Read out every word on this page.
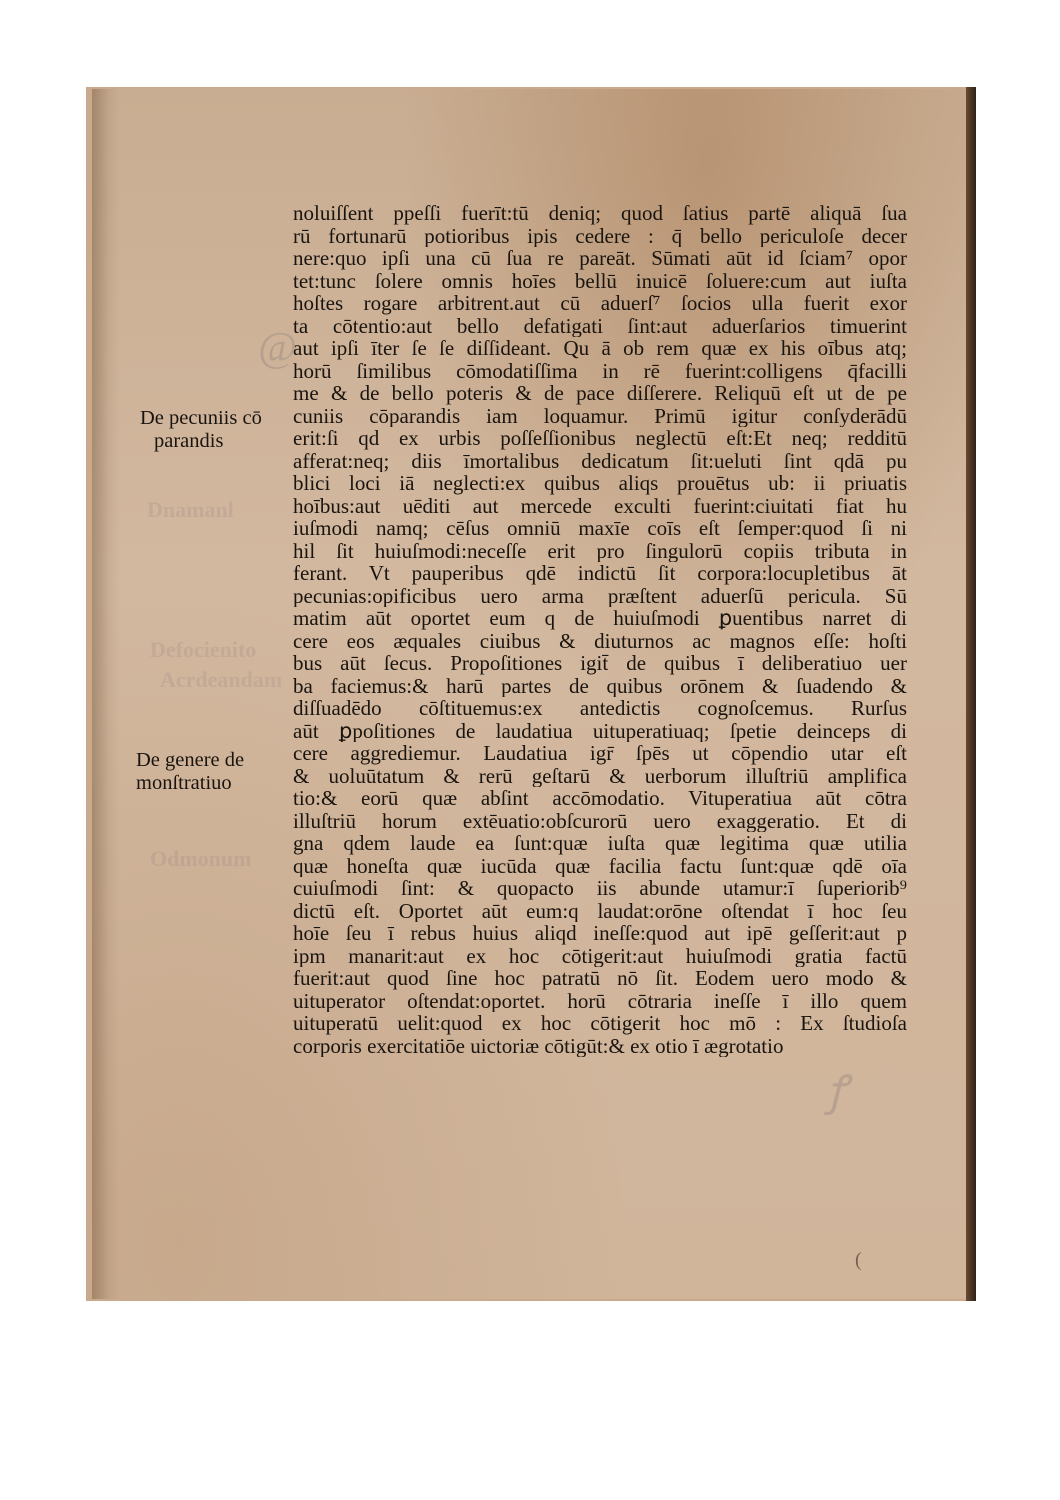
Dnamanl
Defocienito
Acrdeandam
Odmonum
@
ꝭ
(
De pecuniis cō
parandis
De genere de
monſtratiuo
noluiſſent ppeſſi fuerīt:tū deniq; quod ſatius partē aliquā ſua
rū fortunarū potioribus ipis cedere : q̄ bello periculoſe decer
nere:quo ipſi una cū ſua re pareāt. Sūmati aūt id ſciam⁷ opor
tet:tunc ſolere omnis hoīes bellū inuicē ſoluere:cum aut iuſta
hoſtes rogare arbitrent.aut cū aduerſ⁷ ſocios ulla fuerit exor
ta cōtentio:aut bello defatigati ſint:aut aduerſarios timuerint
aut ipſi īter ſe ſe diſſideant. Qu ā ob rem quæ ex his oībus atq;
horū ſimilibus cōmodatiſſima in rē fuerint:colligens q̄facilli
me & de bello poteris & de pace diſſerere. Reliquū eſt ut de pe
cuniis cōparandis iam loquamur. Primū igitur conſyderādū
erit:ſi qd ex urbis poſſeſſionibus neglectū eſt:Et neq; redditū
afferat:neq; diis īmortalibus dedicatum ſit:ueluti ſint qdā pu
blici loci iā neglecti:ex quibus aliqs prouētus ub: ii priuatis
hoībus:aut uēditi aut mercede exculti fuerint:ciuitati fiat hu
iuſmodi namq; cēſus omniū maxīe coīs eſt ſemper:quod ſi ni
hil ſit huiuſmodi:neceſſe erit pro ſingulorū copiis tributa in
ferant. Vt pauperibus qdē indictū ſit corpora:locupletibus āt
pecunias:opificibus uero arma præſtent aduerſū pericula. Sū
matim aūt oportet eum q de huiuſmodi ꝑuentibus narret di
cere eos æquales ciuibus & diuturnos ac magnos eſſe: hoſti
bus aūt ſecus. Propoſitiones igit̄ de quibus ī deliberatiuo uer
ba faciemus:& harū partes de quibus orōnem & ſuadendo &
diſſuadēdo cōſtituemus:ex antedictis cognoſcemus. Rurſus
aūt ꝑpoſitiones de laudatiua uituperatiuaq; ſpetie deinceps di
cere aggrediemur. Laudatiua igr̄ ſpēs ut cōpendio utar eſt
& uoluūtatum & rerū geſtarū & uerborum illuſtriū amplifica
tio:& eorū quæ abſint accōmodatio. Vituperatiua aūt cōtra
illuſtriū horum extēuatio:obſcurorū uero exaggeratio. Et di
gna qdem laude ea ſunt:quæ iuſta quæ legitima quæ utilia
quæ honeſta quæ iucūda quæ facilia factu ſunt:quæ qdē oīa
cuiuſmodi ſint: & quopacto iis abunde utamur:ī ſuperiorib⁹
dictū eſt. Oportet aūt eum:q laudat:orōne oſtendat ī hoc ſeu
hoīe ſeu ī rebus huius aliqd ineſſe:quod aut ipē geſſerit:aut p
ipm manarit:aut ex hoc cōtigerit:aut huiuſmodi gratia factū
fuerit:aut quod ſine hoc patratū nō ſit. Eodem uero modo &
uituperator oſtendat:oportet. horū cōtraria ineſſe ī illo quem
uituperatū uelit:quod ex hoc cōtigerit hoc mō : Ex ſtudioſa
corporis exercitatiōe uictoriæ cōtigūt:& ex otio ī ægrotatio
